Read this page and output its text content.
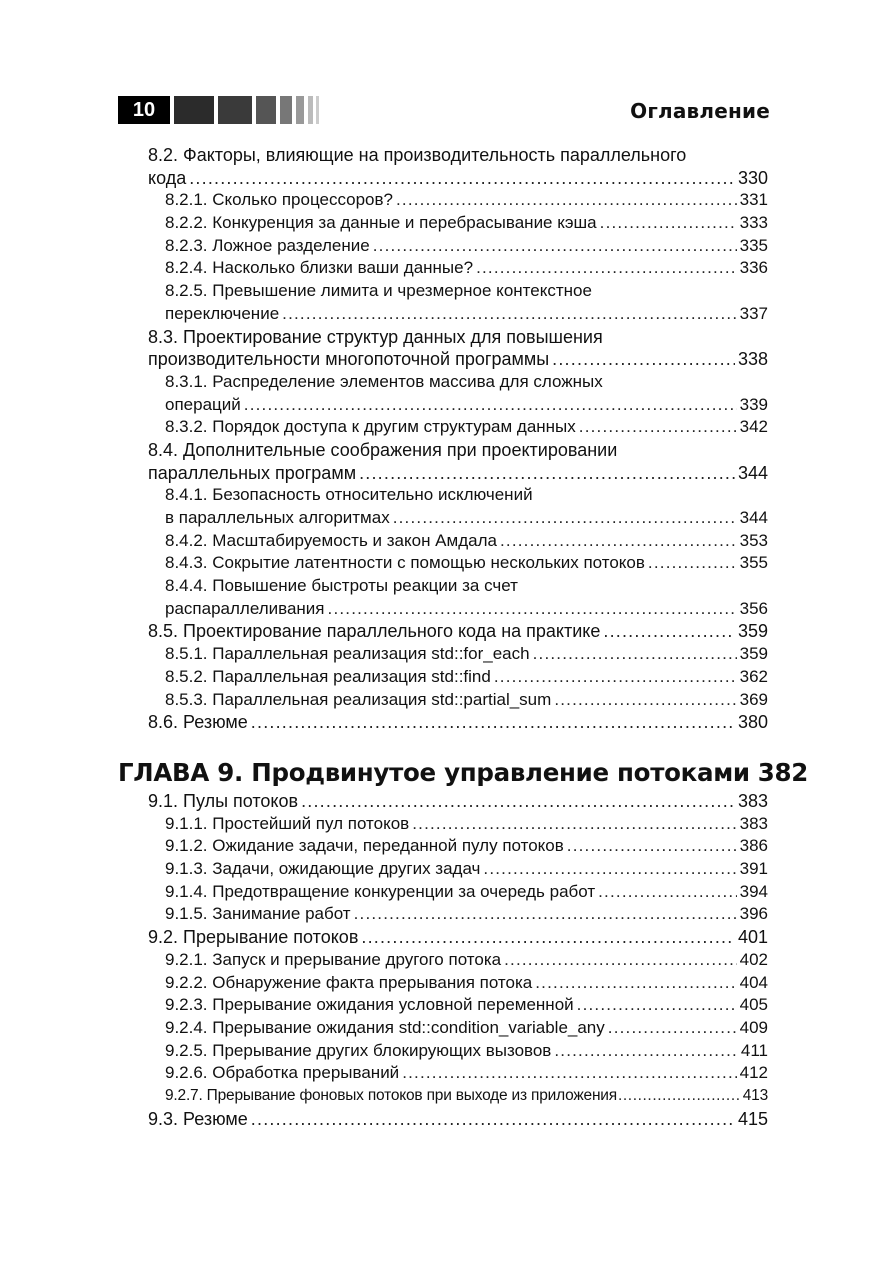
10	Оглавление
8.2. Факторы, влияющие на производительность параллельного
кода .....	330
8.2.1. Сколько процессоров? .....	331
8.2.2. Конкуренция за данные и перебрасывание кэша .....	333
8.2.3. Ложное разделение .....	335
8.2.4. Насколько близки ваши данные? .....	336
8.2.5. Превышение лимита и чрезмерное контекстное
переключение .....	337
8.3. Проектирование структур данных для повышения
производительности многопоточной программы .....	338
8.3.1. Распределение элементов массива для сложных
операций .....	339
8.3.2. Порядок доступа к другим структурам данных .....	342
8.4. Дополнительные соображения при проектировании
параллельных программ .....	344
8.4.1. Безопасность относительно исключений
в параллельных алгоритмах .....	344
8.4.2. Масштабируемость и закон Амдала .....	353
8.4.3. Сокрытие латентности с помощью нескольких потоков .....	355
8.4.4. Повышение быстроты реакции за счет
распараллеливания .....	356
8.5. Проектирование параллельного кода на практике .....	359
8.5.1. Параллельная реализация std::for_each .....	359
8.5.2. Параллельная реализация std::find .....	362
8.5.3. Параллельная реализация std::partial_sum .....	369
8.6. Резюме .....	380
ГЛАВА 9. Продвинутое управление потоками 382
9.1. Пулы потоков .....	383
9.1.1. Простейший пул потоков .....	383
9.1.2. Ожидание задачи, переданной пулу потоков .....	386
9.1.3. Задачи, ожидающие других задач .....	391
9.1.4. Предотвращение конкуренции за очередь работ .....	394
9.1.5. Занимание работ .....	396
9.2. Прерывание потоков .....	401
9.2.1. Запуск и прерывание другого потока .....	402
9.2.2. Обнаружение факта прерывания потока .....	404
9.2.3. Прерывание ожидания условной переменной .....	405
9.2.4. Прерывание ожидания std::condition_variable_any .....	409
9.2.5. Прерывание других блокирующих вызовов .....	411
9.2.6. Обработка прерываний .....	412
9.2.7. Прерывание фоновых потоков при выходе из приложения .....	413
9.3. Резюме .....	415
